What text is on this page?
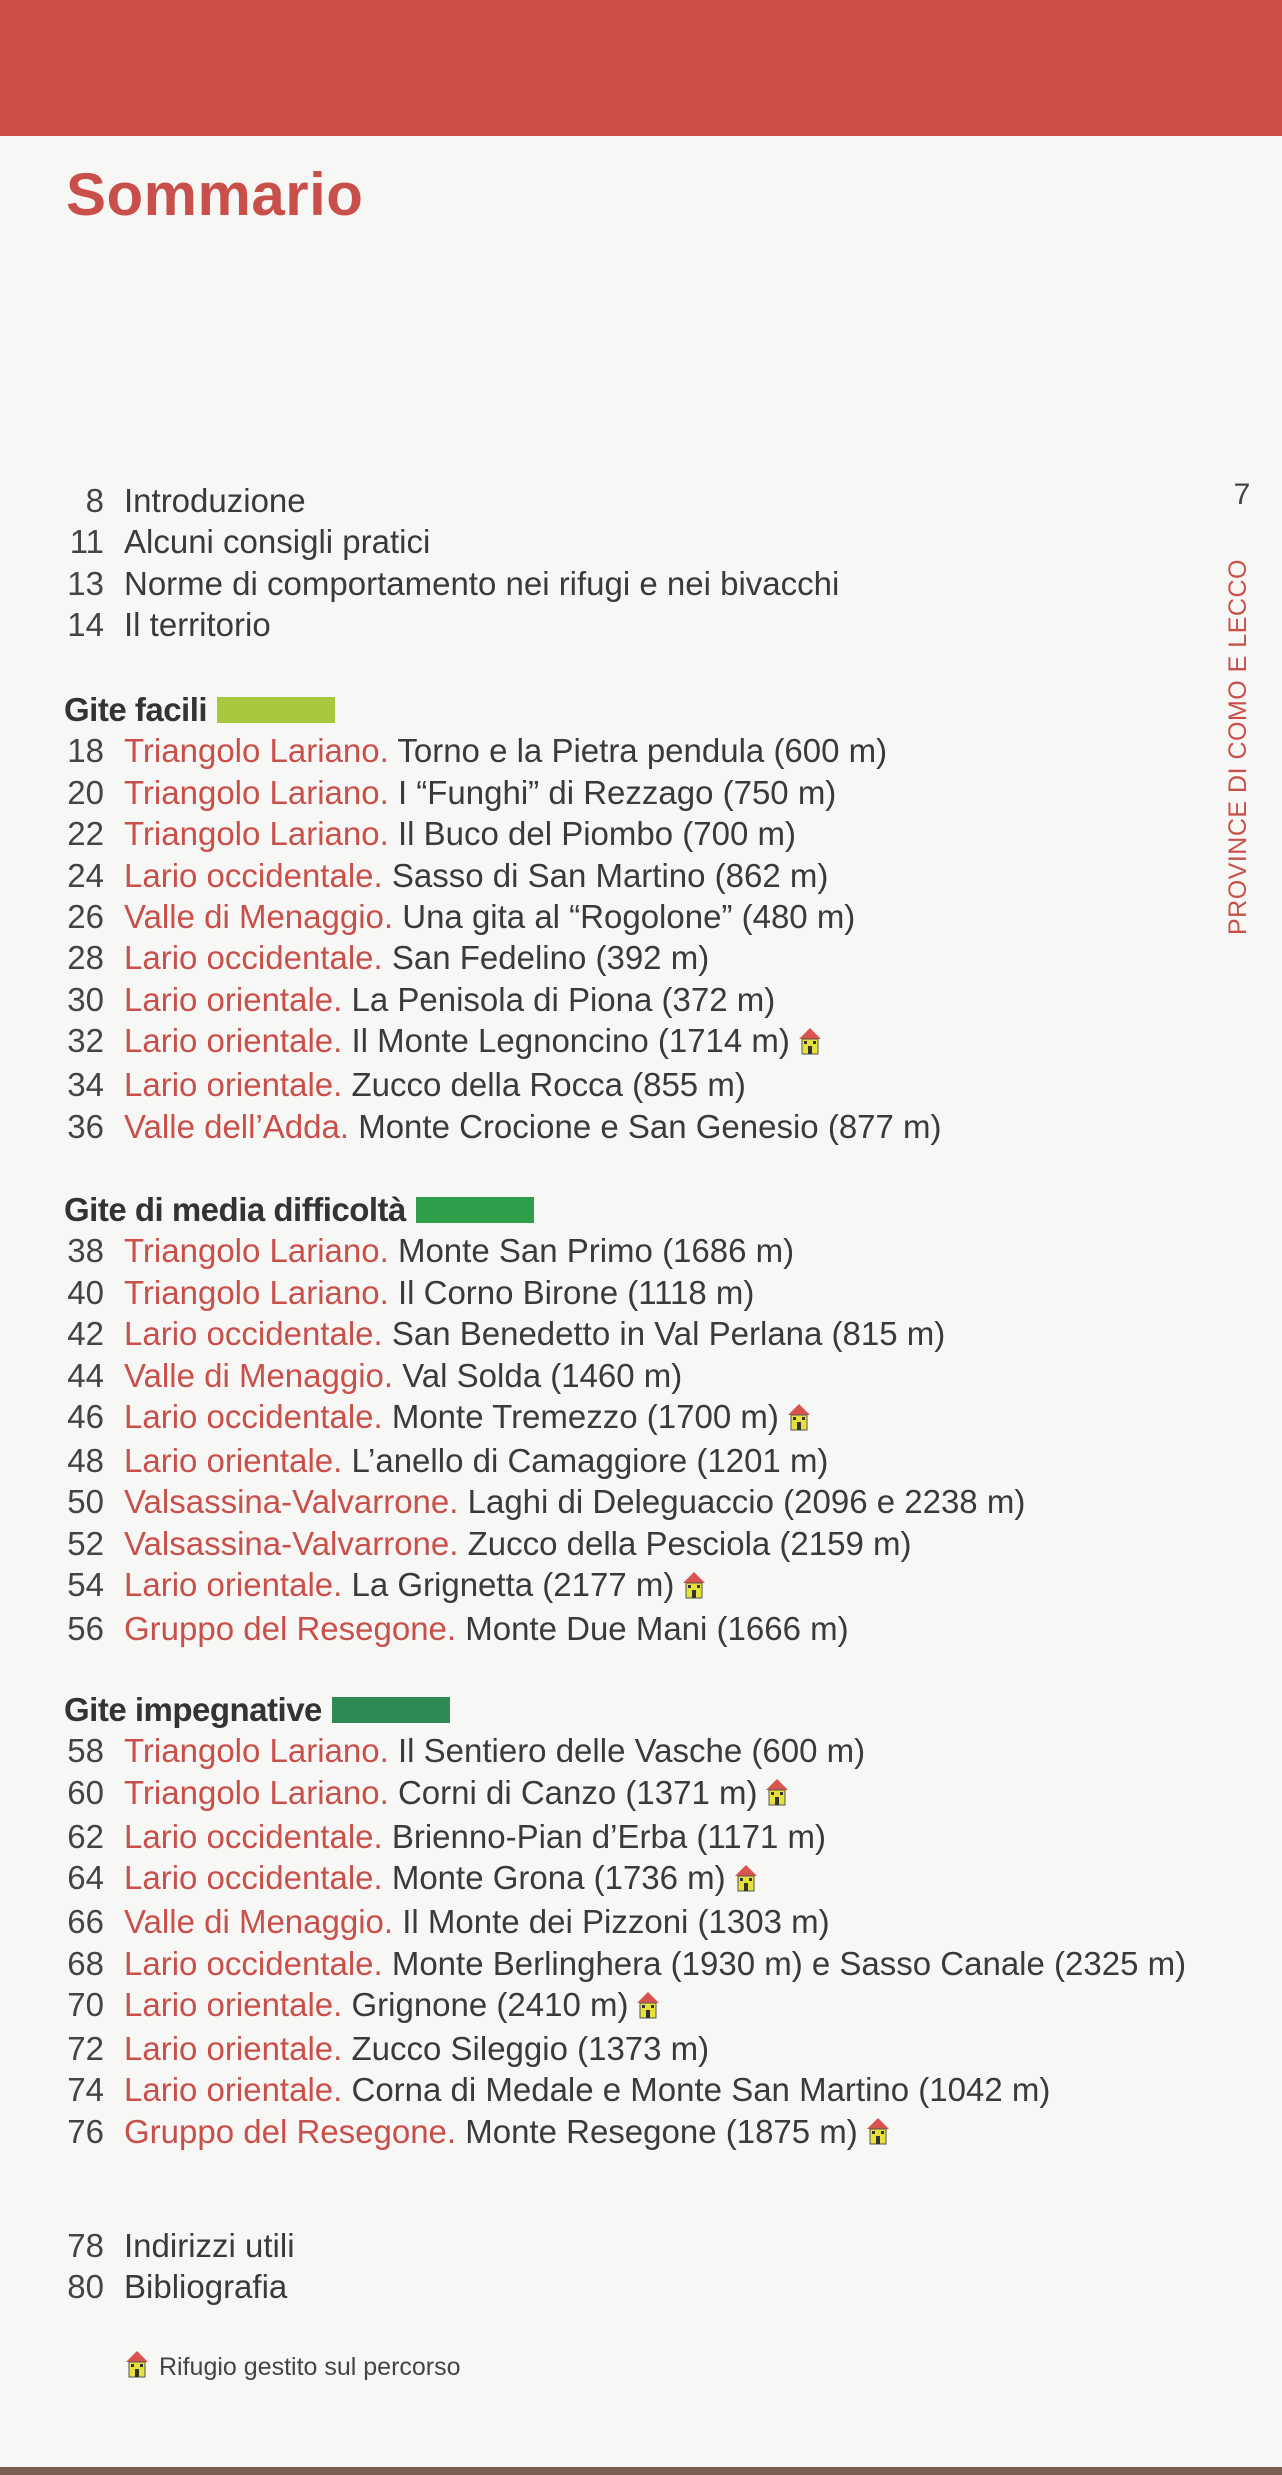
Sommario
7
PROVINCE DI COMO E LECCO
8 Introduzione
11 Alcuni consigli pratici
13 Norme di comportamento nei rifugi e nei bivacchi
14 Il territorio
Gite facili
18 Triangolo Lariano. Torno e la Pietra pendula (600 m)
20 Triangolo Lariano. I “Funghi” di Rezzago (750 m)
22 Triangolo Lariano. Il Buco del Piombo (700 m)
24 Lario occidentale. Sasso di San Martino (862 m)
26 Valle di Menaggio. Una gita al “Rogolone” (480 m)
28 Lario occidentale. San Fedelino (392 m)
30 Lario orientale. La Penisola di Piona (372 m)
32 Lario orientale. Il Monte Legnoncino (1714 m)
34 Lario orientale. Zucco della Rocca (855 m)
36 Valle dell’Adda. Monte Crocione e San Genesio (877 m)
Gite di media difficoltà
38 Triangolo Lariano. Monte San Primo (1686 m)
40 Triangolo Lariano. Il Corno Birone (1118 m)
42 Lario occidentale. San Benedetto in Val Perlana (815 m)
44 Valle di Menaggio. Val Solda (1460 m)
46 Lario occidentale. Monte Tremezzo (1700 m)
48 Lario orientale. L’anello di Camaggiore (1201 m)
50 Valsassina-Valvarrone. Laghi di Deleguaccio (2096 e 2238 m)
52 Valsassina-Valvarrone. Zucco della Pesciola (2159 m)
54 Lario orientale. La Grignetta (2177 m)
56 Gruppo del Resegone. Monte Due Mani (1666 m)
Gite impegnative
58 Triangolo Lariano. Il Sentiero delle Vasche (600 m)
60 Triangolo Lariano. Corni di Canzo (1371 m)
62 Lario occidentale. Brienno-Pian d’Erba (1171 m)
64 Lario occidentale. Monte Grona (1736 m)
66 Valle di Menaggio. Il Monte dei Pizzoni (1303 m)
68 Lario occidentale. Monte Berlinghera (1930 m) e Sasso Canale (2325 m)
70 Lario orientale. Grignone (2410 m)
72 Lario orientale. Zucco Sileggio (1373 m)
74 Lario orientale. Corna di Medale e Monte San Martino (1042 m)
76 Gruppo del Resegone. Monte Resegone (1875 m)
78 Indirizzi utili
80 Bibliografia
Rifugio gestito sul percorso
